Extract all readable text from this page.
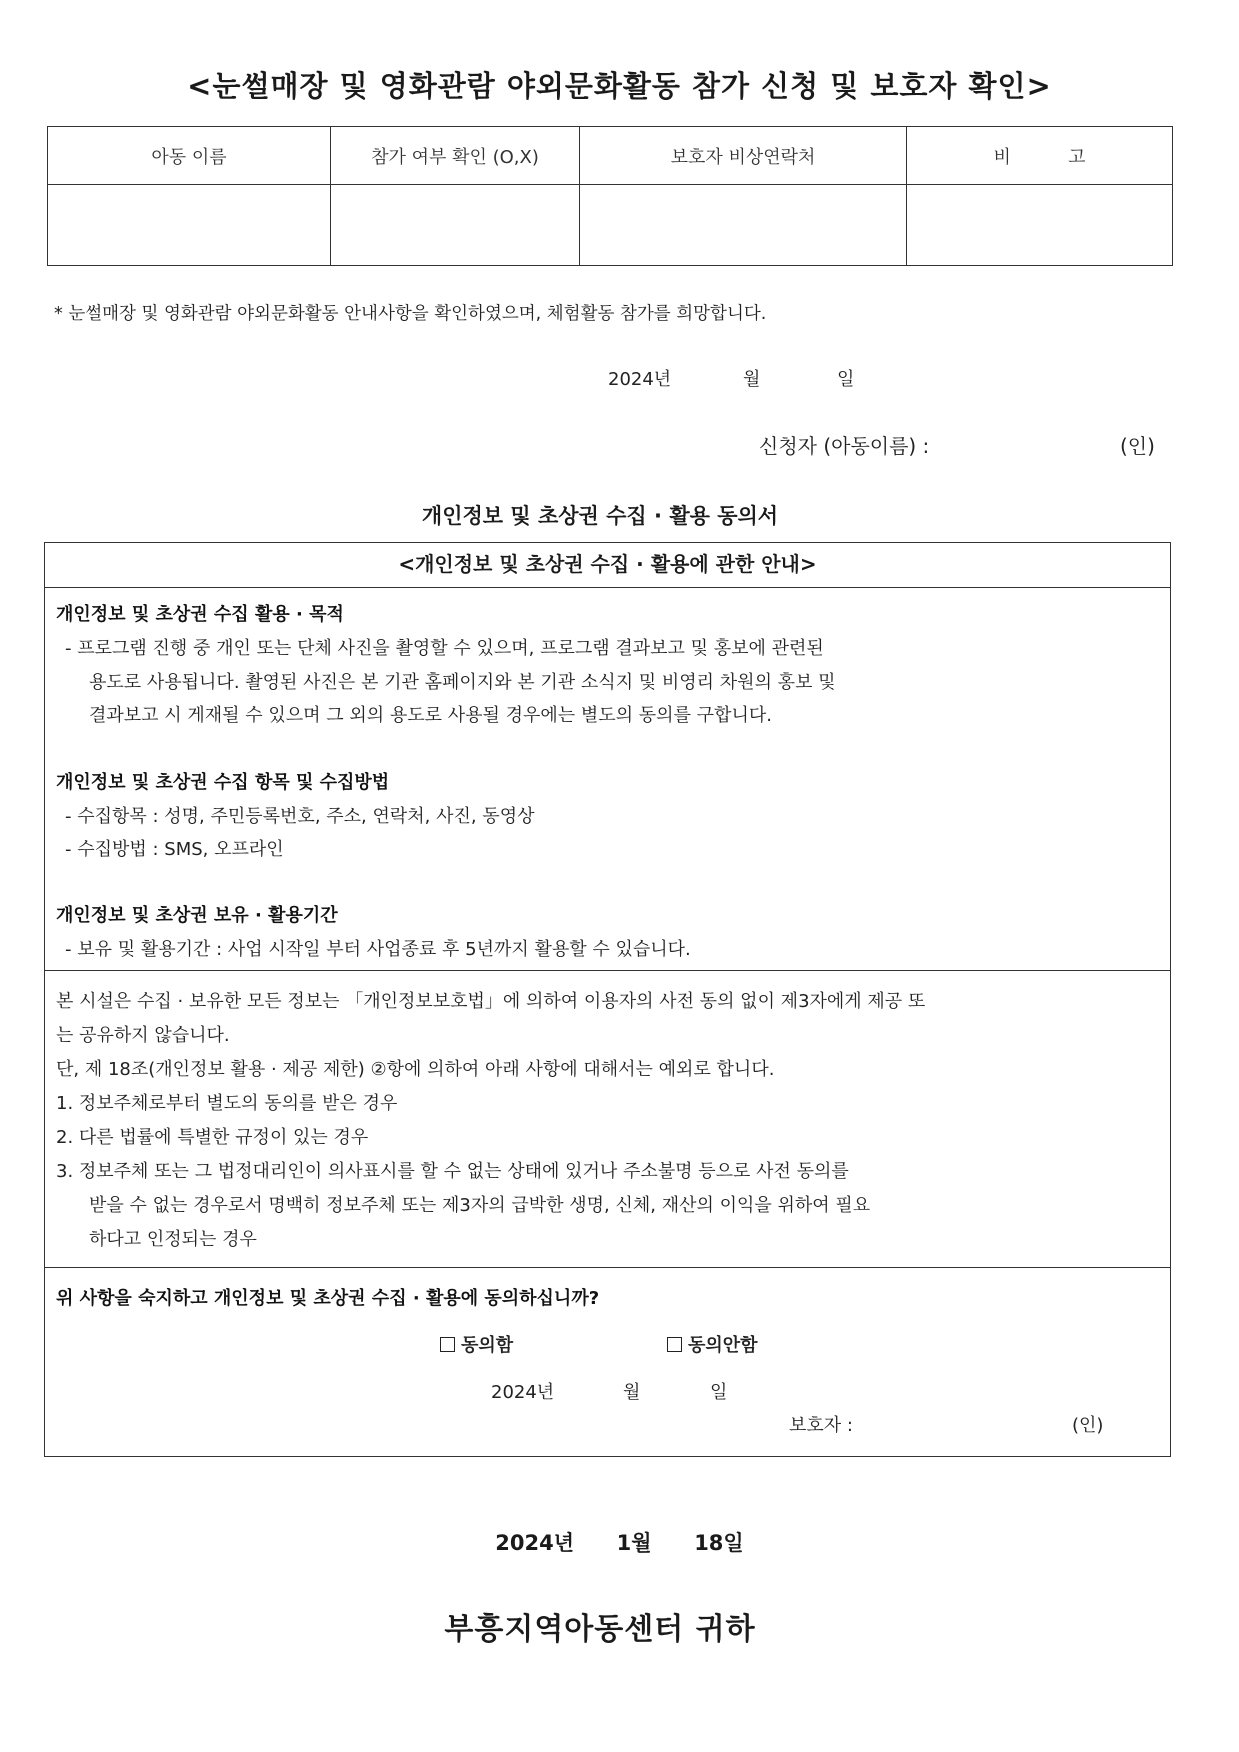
<눈썰매장 및 영화관람 야외문화활동 참가 신청 및 보호자 확인>
아동 이름	참가 여부 확인 (O,X)	보호자 비상연락처	비          고

* 눈썰매장 및 영화관람 야외문화활동 안내사항을 확인하였으며, 체험활동 참가를 희망합니다.
2024년	월	일
신청자 (아동이름) :	(인)
개인정보 및 초상권 수집 · 활용 동의서
<개인정보 및 초상권 수집 · 활용에 관한 안내>
개인정보 및 초상권 수집 활용 · 목적
- 프로그램 진행 중 개인 또는 단체 사진을 촬영할 수 있으며, 프로그램 결과보고 및 홍보에 관련된
용도로 사용됩니다. 촬영된 사진은 본 기관 홈페이지와 본 기관 소식지 및 비영리 차원의 홍보 및
결과보고 시 게재될 수 있으며 그 외의 용도로 사용될 경우에는 별도의 동의를 구합니다.
개인정보 및 초상권 수집 항목 및 수집방법
- 수집항목 : 성명, 주민등록번호, 주소, 연락처, 사진, 동영상
- 수집방법 : SMS, 오프라인
개인정보 및 초상권 보유 · 활용기간
- 보유 및 활용기간 : 사업 시작일 부터 사업종료 후 5년까지 활용할 수 있습니다.
본 시설은 수집 · 보유한 모든 정보는 「개인정보보호법」에 의하여 이용자의 사전 동의 없이 제3자에게 제공 또
는 공유하지 않습니다.
단, 제 18조(개인정보 활용 · 제공 제한) ②항에 의하여 아래 사항에 대해서는 예외로 합니다.
1. 정보주체로부터 별도의 동의를 받은 경우
2. 다른 법률에 특별한 규정이 있는 경우
3. 정보주체 또는 그 법정대리인이 의사표시를 할 수 없는 상태에 있거나 주소불명 등으로 사전 동의를
받을 수 없는 경우로서 명백히 정보주체 또는 제3자의 급박한 생명, 신체, 재산의 이익을 위하여 필요
하다고 인정되는 경우
위 사항을 숙지하고 개인정보 및 초상권 수집 · 활용에 동의하십니까?
동의함	동의안함
2024년	월	일
보호자 :	(인)
2024년 1월 18일
부흥지역아동센터 귀하
